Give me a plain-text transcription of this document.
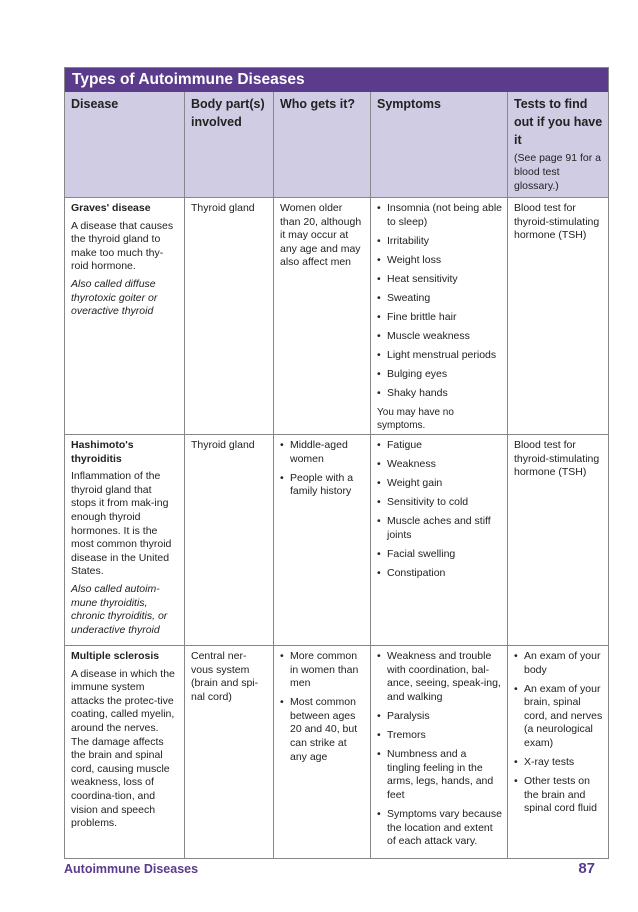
Types of Autoimmune Diseases
Disease	Body part(s) involved
Who gets it?	Symptoms	Tests to find out if you have it
(See page 91 for a blood test glossary.)
Graves' disease
A disease that causes the thyroid gland to make too much thy-roid hormone.
Also called diffuse thyrotoxic goiter or overactive thyroid
Thyroid gland	Women older than 20, although it may occur at any age and may also affect men
• Insomnia (not being able to sleep)
• Irritability
• Weight loss
• Heat sensitivity
• Sweating
• Fine brittle hair
• Muscle weakness
• Light menstrual periods
• Bulging eyes
• Shaky hands
You may have no symptoms.
Blood test for thyroid-stimulating hormone (TSH)
Hashimoto's thyroiditis
Inflammation of the thyroid gland that stops it from mak-ing enough thyroid hormones. It is the most common thyroid disease in the United States.
Also called autoim-mune thyroiditis, chronic thyroiditis, or underactive thyroid
Thyroid gland
•	Middle-aged women
• People with a family history
• Fatigue
• Weakness
• Weight gain
• Sensitivity to cold
• Muscle aches and stiff joints
• Facial swelling
• Constipation
Blood test for thyroid-stimulating hormone (TSH)
Multiple sclerosis
A disease in which the immune system attacks the protec-tive coating, called myelin, around the nerves. The damage affects the brain and spinal cord, causing muscle weakness, loss of coordina-tion, and vision and speech problems.
Central ner-vous system (brain and spi-nal cord)
• More common in women than men
• Most common between ages 20 and 40, but can strike at any age
• Weakness and trouble with coordination, bal-ance, seeing, speak-ing, and walking
• Paralysis
• Tremors
• Numbness and a tingling feeling in the arms, legs, hands, and feet
• Symptoms vary because the location and extent of each attack vary.
• An exam of your body
• An exam of your brain, spinal cord, and nerves (a neurological exam)
• X-ray tests
• Other tests on the brain and spinal cord fluid
Autoimmune Diseases	87
